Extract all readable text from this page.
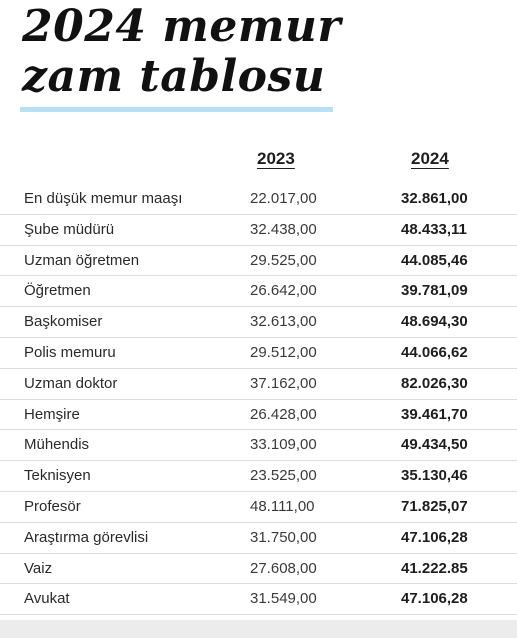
2024 memur
zam tablosu
2023	2024
En düşük memur maaşı	22.017,00	32.861,00
Şube müdürü	32.438,00	48.433,11
Uzman öğretmen	29.525,00	44.085,46
Öğretmen	26.642,00	39.781,09
Başkomiser	32.613,00	48.694,30
Polis memuru	29.512,00	44.066,62
Uzman doktor	37.162,00	82.026,30
Hemşire	26.428,00	39.461,70
Mühendis	33.109,00	49.434,50
Teknisyen	23.525,00	35.130,46
Profesör	48.111,00	71.825,07
Araştırma görevlisi	31.750,00	47.106,28
Vaiz	27.608,00	41.222.85
Avukat	31.549,00	47.106,28
